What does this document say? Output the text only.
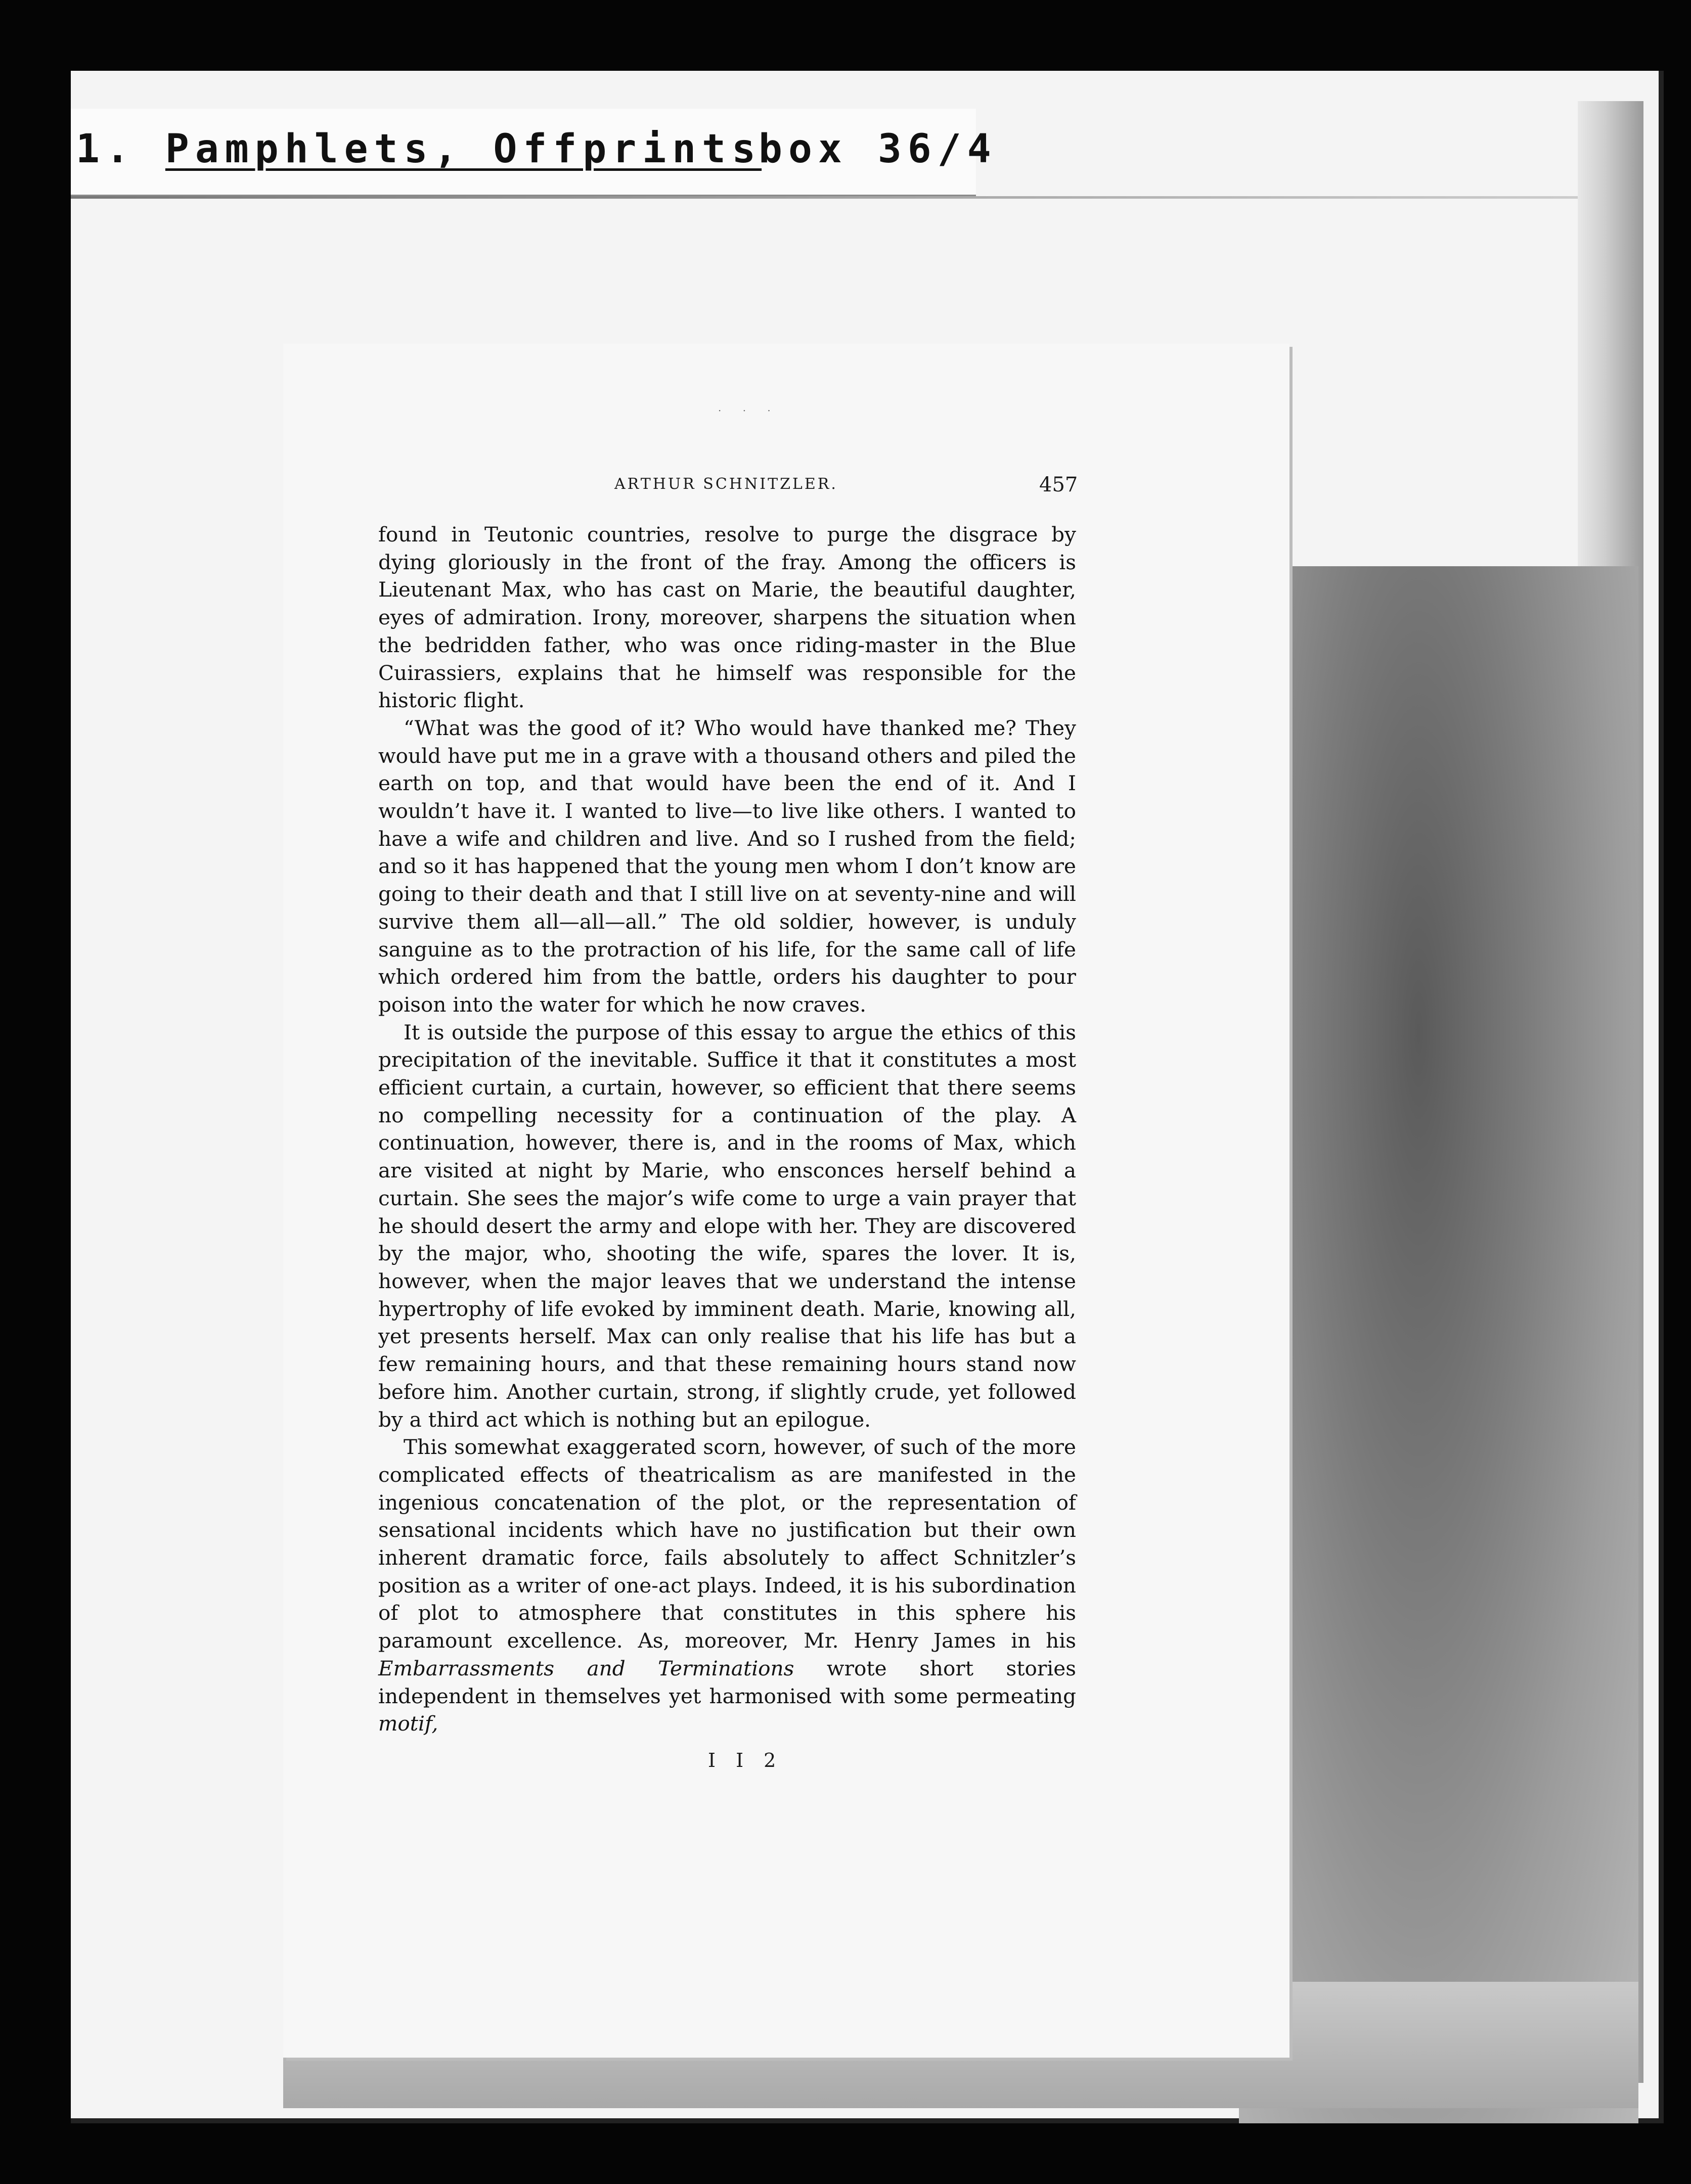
1. Pamphlets, Offprints
box 36/4
· · ·
ARTHUR SCHNITZLER.	457

found in Teutonic countries, resolve to purge the disgrace by dying gloriously in the front of the fray. Among the officers is Lieutenant Max, who has cast on Marie, the beautiful daughter, eyes of admiration. Irony, moreover, sharpens the situation when the bedridden father, who was once riding-master in the Blue Cuirassiers, explains that he himself was responsible for the historic flight.

“What was the good of it? Who would have thanked me? They would have put me in a grave with a thousand others and piled the earth on top, and that would have been the end of it. And I wouldn’t have it. I wanted to live—to live like others. I wanted to have a wife and children and live. And so I rushed from the field; and so it has happened that the young men whom I don’t know are going to their death and that I still live on at seventy-nine and will survive them all—all—all.” The old soldier, however, is unduly sanguine as to the protraction of his life, for the same call of life which ordered him from the battle, orders his daughter to pour poison into the water for which he now craves.

It is outside the purpose of this essay to argue the ethics of this precipitation of the inevitable. Suffice it that it constitutes a most efficient curtain, a curtain, however, so efficient that there seems no compelling necessity for a continuation of the play. A continuation, however, there is, and in the rooms of Max, which are visited at night by Marie, who ensconces herself behind a curtain. She sees the major’s wife come to urge a vain prayer that he should desert the army and elope with her. They are discovered by the major, who, shooting the wife, spares the lover. It is, however, when the major leaves that we understand the intense hypertrophy of life evoked by imminent death. Marie, knowing all, yet presents herself. Max can only realise that his life has but a few remaining hours, and that these remaining hours stand now before him. Another curtain, strong, if slightly crude, yet followed by a third act which is nothing but an epilogue.

This somewhat exaggerated scorn, however, of such of the more complicated effects of theatricalism as are manifested in the ingenious concatenation of the plot, or the representation of sensational incidents which have no justification but their own inherent dramatic force, fails absolutely to affect Schnitzler’s position as a writer of one-act plays. Indeed, it is his subordination of plot to atmosphere that constitutes in this sphere his paramount excellence. As, moreover, Mr. Henry James in his Embarrassments and Terminations wrote short stories independent in themselves yet harmonised with some permeating motif,

I I 2
